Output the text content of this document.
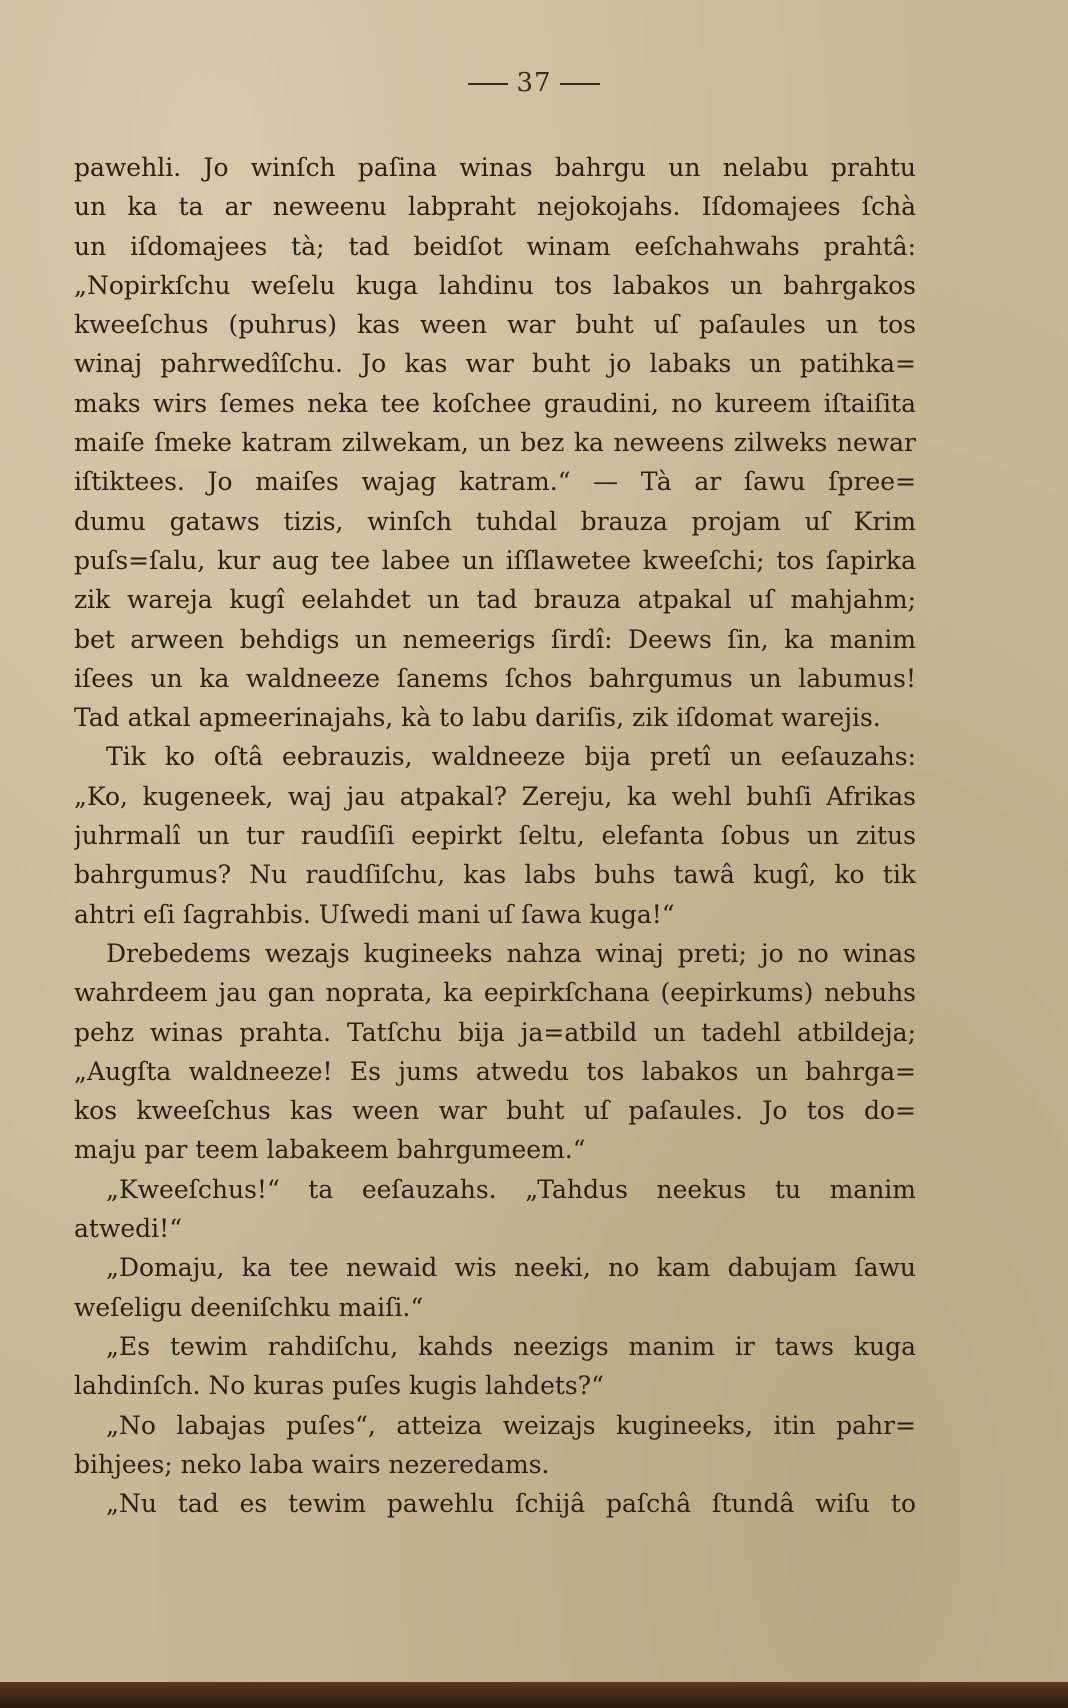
37
pawehli. Jo winſch paſina winas bahrgu un nelabu prahtu
un ka ta ar neweenu labpraht nejokojahs. Iſdomajees ſchà
un iſdomajees tà; tad beidſot winam eeſchahwahs prahtâ:
„Nopirkſchu weſelu kuga lahdinu tos labakos un bahrgakos
kweeſchus (puhrus) kas ween war buht uſ paſaules un tos
winaj pahrwedîſchu. Jo kas war buht jo labaks un patihka=
maks wirs ſemes neka tee koſchee graudini, no kureem iſtaiſita
maiſe ſmeke katram zilwekam, un bez ka neweens zilweks newar
iſtiktees. Jo maiſes wajag katram.“ — Tà ar ſawu ſpree=
dumu gataws tizis, winſch tuhdal brauza projam uſ Krim
puſs=ſalu, kur aug tee labee un iſſlawetee kweeſchi; tos ſapirka
zik wareja kugî eelahdet un tad brauza atpakal uſ mahjahm;
bet arween behdigs un nemeerigs ſirdî: Deews ſin, ka manim
iſees un ka waldneeze ſanems ſchos bahrgumus un labumus!
Tad atkal apmeerinajahs, kà to labu dariſis, zik iſdomat warejis.
Tik ko oſtâ eebrauzis, waldneeze bija pretî un eeſauzahs:
„Ko, kugeneek, waj jau atpakal? Zereju, ka wehl buhſi Afrikas
juhrmalî un tur raudſiſi eepirkt ſeltu, elefanta ſobus un zitus
bahrgumus? Nu raudſiſchu, kas labs buhs tawâ kugî, ko tik
ahtri eſi ſagrahbis. Uſwedi mani uſ ſawa kuga!“
Drebedems wezajs kugineeks nahza winaj preti; jo no winas
wahrdeem jau gan noprata, ka eepirkſchana (eepirkums) nebuhs
pehz winas prahta. Tatſchu bija ja=atbild un tadehl atbildeja;
„Augſta waldneeze! Es jums atwedu tos labakos un bahrga=
kos kweeſchus kas ween war buht uſ paſaules. Jo tos do=
maju par teem labakeem bahrgumeem.“
„Kweeſchus!“ ta eeſauzahs. „Tahdus neekus tu manim
atwedi!“
„Domaju, ka tee newaid wis neeki, no kam dabujam ſawu
weſeligu deeniſchku maiſi.“
„Es tewim rahdiſchu, kahds neezigs manim ir taws kuga
lahdinſch. No kuras puſes kugis lahdets?“
„No labajas puſes“, atteiza weizajs kugineeks, itin pahr=
bihjees; neko laba wairs nezeredams.
„Nu tad es tewim pawehlu ſchijâ paſchâ ſtundâ wiſu to
